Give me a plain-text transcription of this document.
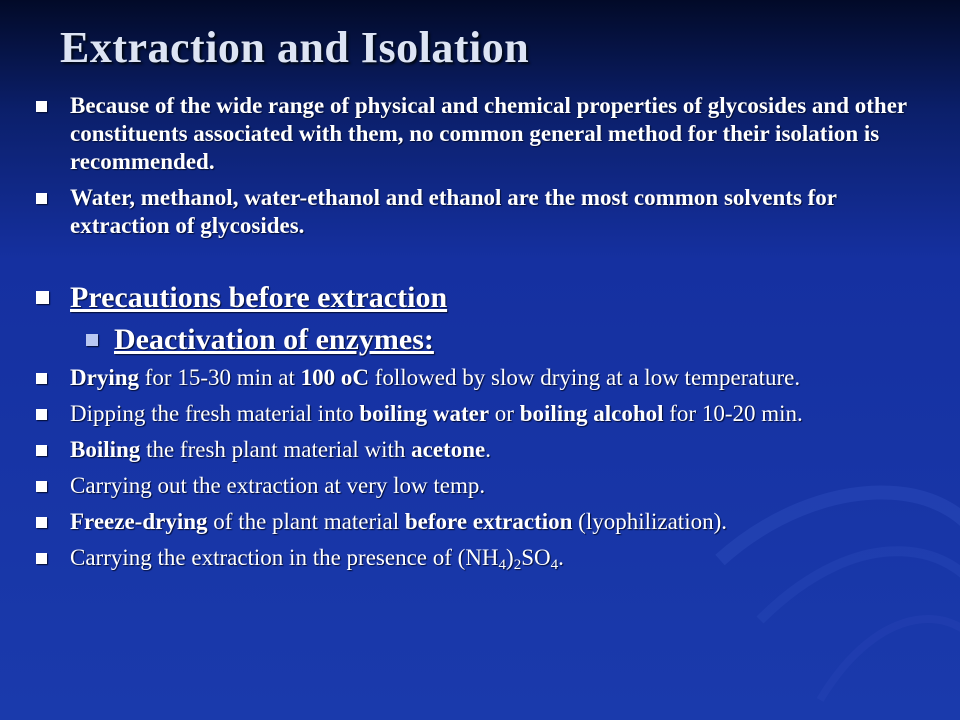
Extraction and Isolation
Because of the wide range of physical and chemical properties of glycosides and other constituents associated with them, no common general method for their isolation is recommended.
Water, methanol, water-ethanol and ethanol are the most common solvents for extraction of glycosides.
Precautions before extraction
Deactivation of enzymes:
Drying for 15-30 min at 100 oC followed by slow drying at a low temperature.
Dipping the fresh material into boiling water or boiling alcohol for 10-20 min.
Boiling the fresh plant material with acetone.
Carrying out the extraction at very low temp.
Freeze-drying of the plant material before extraction (lyophilization).
Carrying the extraction in the presence of $(NH_4)_2SO_4$.
